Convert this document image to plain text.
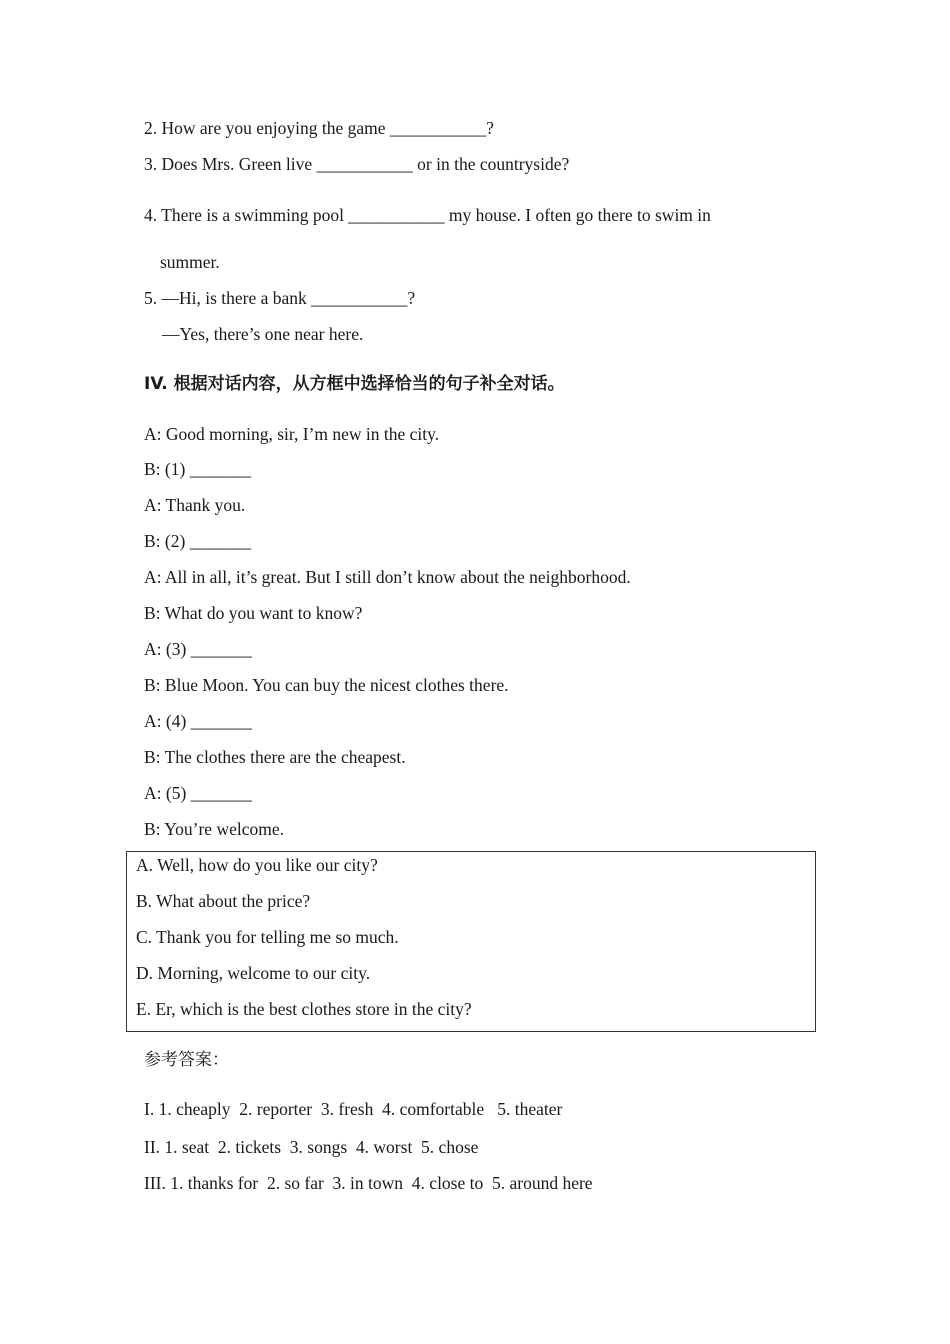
2. How are you enjoying the game ___________?
3. Does Mrs. Green live ___________ or in the countryside?
4. There is a swimming pool ___________ my house. I often go there to swim in
summer.
5. —Hi, is there a bank ___________?
—Yes, there’s one near here.
IV. 根据对话内容，从方框中选择恰当的句子补全对话。
A: Good morning, sir, I’m new in the city.
B: (1) _______
A: Thank you.
B: (2) _______
A: All in all, it’s great. But I still don’t know about the neighborhood.
B: What do you want to know?
A: (3) _______
B: Blue Moon. You can buy the nicest clothes there.
A: (4) _______
B: The clothes there are the cheapest.
A: (5) _______
B: You’re welcome.
A. Well, how do you like our city?
B. What about the price?
C. Thank you for telling me so much.
D. Morning, welcome to our city.
E. Er, which is the best clothes store in the city?
参考答案：
I. 1. cheaply  2. reporter  3. fresh  4. comfortable   5. theater
II. 1. seat  2. tickets  3. songs  4. worst  5. chose
III. 1. thanks for  2. so far  3. in town  4. close to  5. around here
